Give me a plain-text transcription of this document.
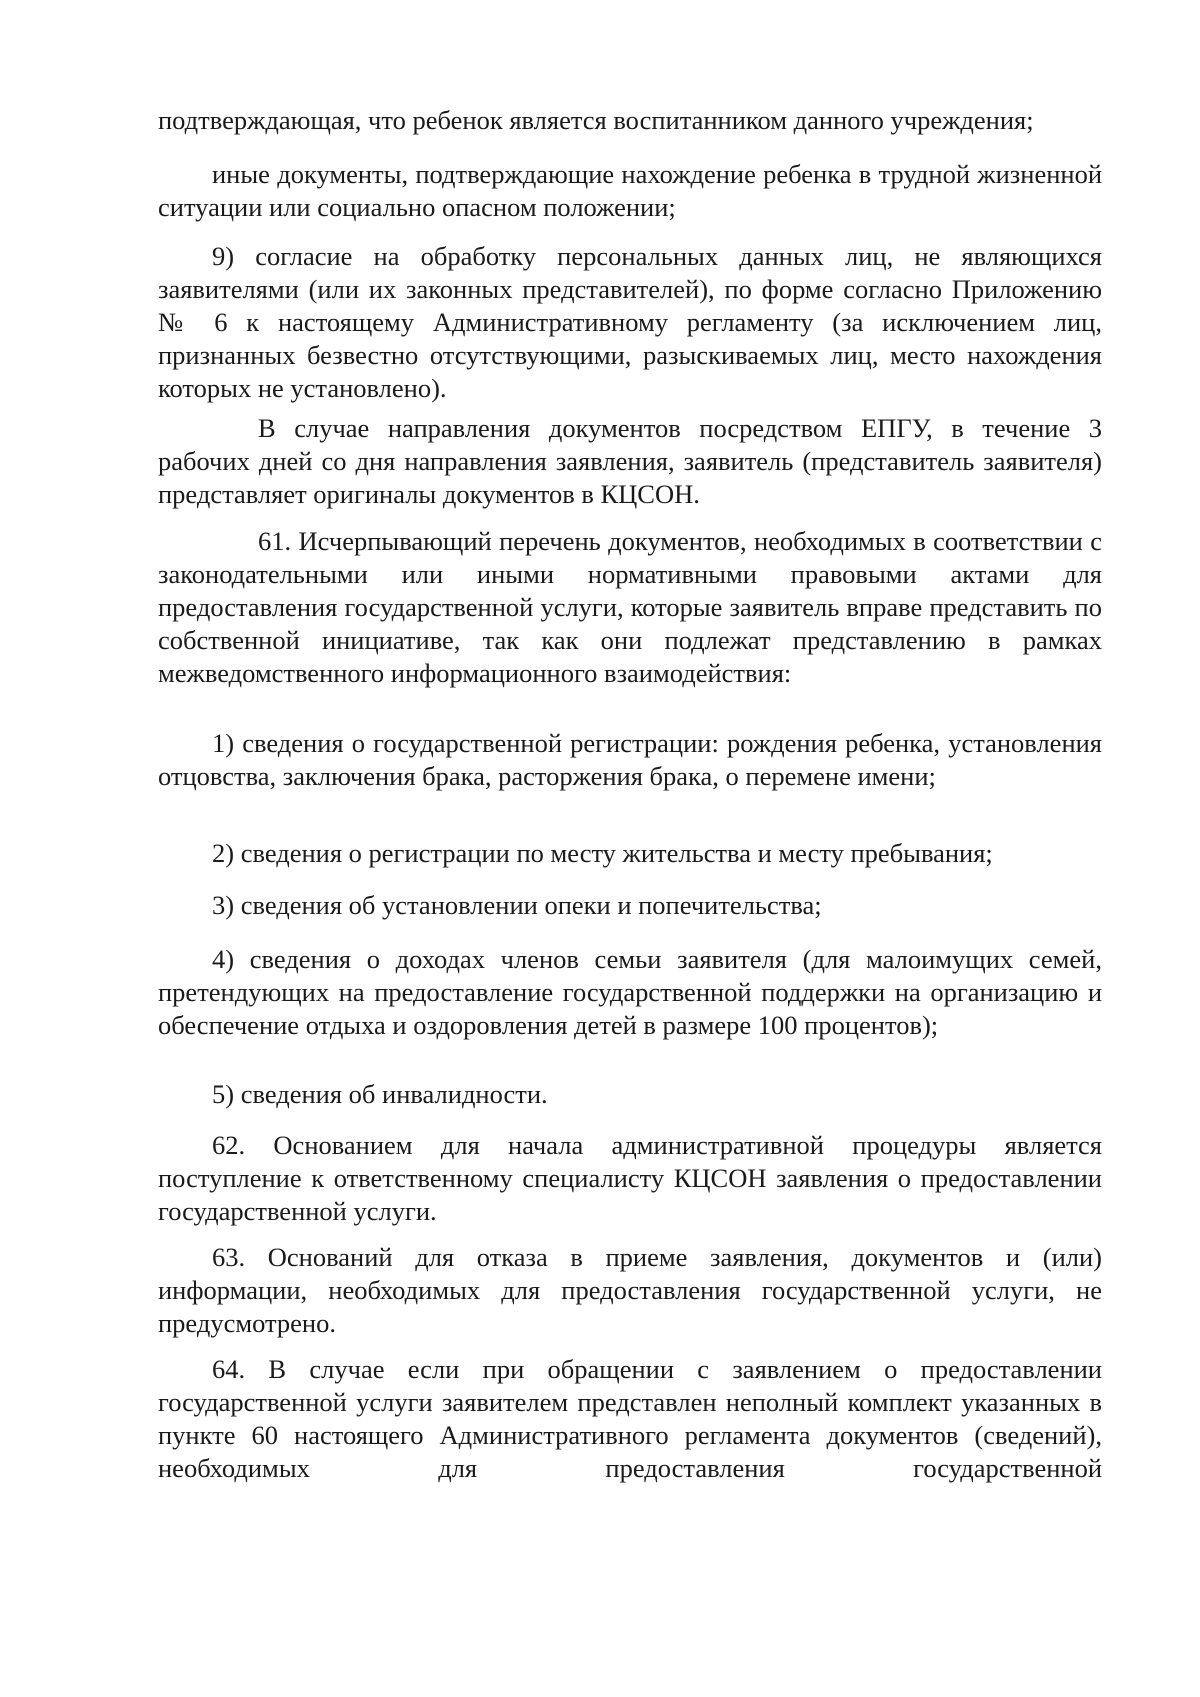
подтверждающая, что ребенок является воспитанником данного учреждения;

иные документы, подтверждающие нахождение ребенка в трудной жизненной ситуации или социально опасном положении;

9) согласие на обработку персональных данных лиц, не являющихся заявителями (или их законных представителей), по форме согласно Приложению № 6 к настоящему Административному регламенту (за исключением лиц, признанных безвестно отсутствующими, разыскиваемых лиц, место нахождения которых не установлено).

В случае направления документов посредством ЕПГУ, в течение 3 рабочих дней со дня направления заявления, заявитель (представитель заявителя) представляет оригиналы документов в КЦСОН.

61. Исчерпывающий перечень документов, необходимых в соответствии с законодательными или иными нормативными правовыми актами для предоставления государственной услуги, которые заявитель вправе представить по собственной инициативе, так как они подлежат представлению в рамках межведомственного информационного взаимодействия:

1) сведения о государственной регистрации: рождения ребенка, установления отцовства, заключения брака, расторжения брака, о перемене имени;

2) сведения о регистрации по месту жительства и месту пребывания;

3) сведения об установлении опеки и попечительства;

4) сведения о доходах членов семьи заявителя (для малоимущих семей, претендующих на предоставление государственной поддержки на организацию и обеспечение отдыха и оздоровления детей в размере 100 процентов);

5) сведения об инвалидности.

62. Основанием для начала административной процедуры является поступление к ответственному специалисту КЦСОН заявления о предоставлении государственной услуги.

63. Оснований для отказа в приеме заявления, документов и (или) информации, необходимых для предоставления государственной услуги, не предусмотрено.

64. В случае если при обращении с заявлением о предоставлении государственной услуги заявителем представлен неполный комплект указанных в пункте 60 настоящего Административного регламента документов (сведений), необходимых для предоставления государственной
